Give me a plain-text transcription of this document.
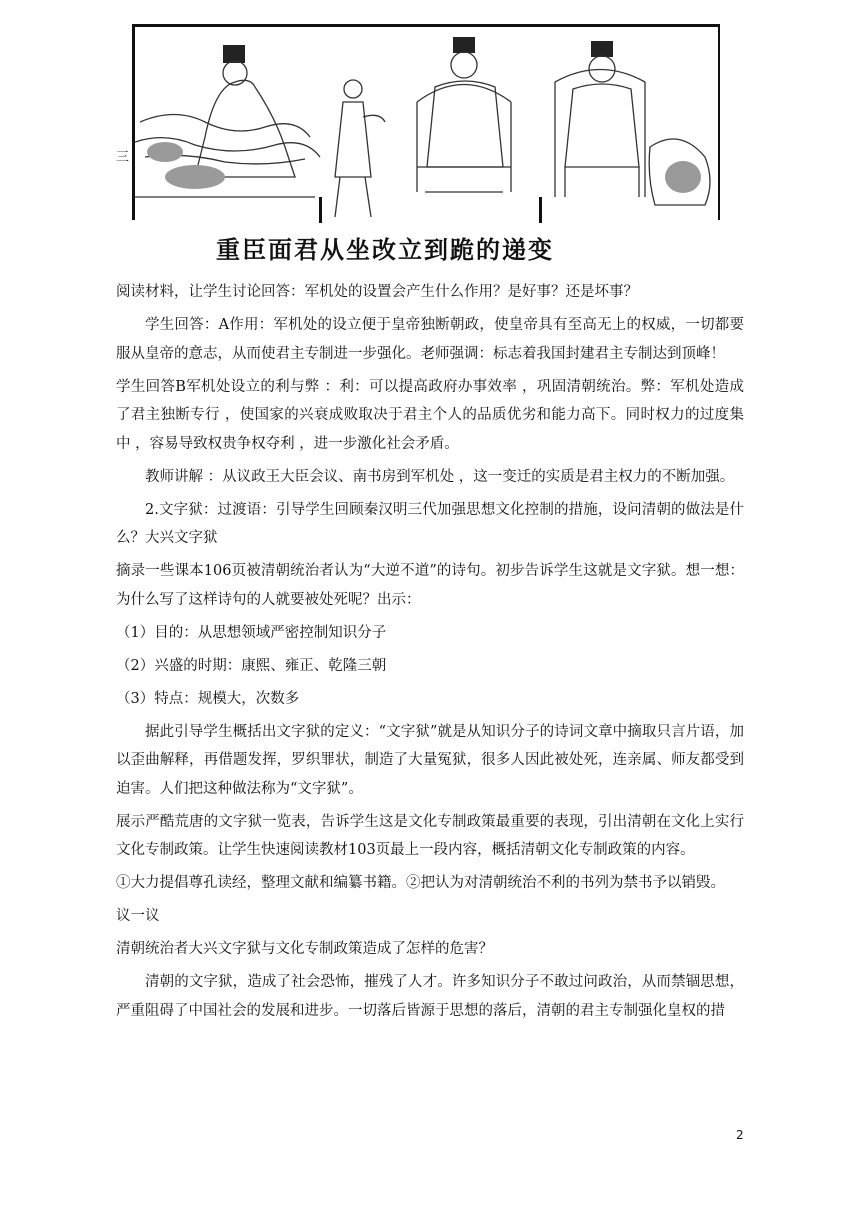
三
重臣面君从坐改立到跪的递变

阅读材料，让学生讨论回答：军机处的设置会产生什么作用？是好事？还是坏事？

学生回答：A作用：军机处的设立便于皇帝独断朝政，使皇帝具有至高无上的权威，一切都要服从皇帝的意志，从而使君主专制进一步强化。老师强调：标志着我国封建君主专制达到顶峰！

学生回答B军机处设立的利与弊 ：利：可以提高政府办事效率 ，巩固清朝统治。弊：军机处造成了君主独断专行 ，使国家的兴衰成败取决于君主个人的品质优劣和能力高下。同时权力的过度集中 ，容易导致权贵争权夺利 ，进一步激化社会矛盾。

教师讲解 ：从议政王大臣会议、南书房到军机处 ，这一变迁的实质是君主权力的不断加强。

2.文字狱：过渡语：引导学生回顾秦汉明三代加强思想文化控制的措施，设问清朝的做法是什么？大兴文字狱

摘录一些课本106页被清朝统治者认为“大逆不道”的诗句。初步告诉学生这就是文字狱。想一想：为什么写了这样诗句的人就要被处死呢？出示：

（1）目的：从思想领域严密控制知识分子

（2）兴盛的时期：康熙、雍正、乾隆三朝

（3）特点：规模大，次数多

据此引导学生概括出文字狱的定义：“文字狱”就是从知识分子的诗词文章中摘取只言片语，加以歪曲解释，再借题发挥，罗织罪状，制造了大量冤狱，很多人因此被处死，连亲属、师友都受到迫害。人们把这种做法称为“文字狱”。

展示严酷荒唐的文字狱一览表，告诉学生这是文化专制政策最重要的表现，引出清朝在文化上实行文化专制政策。让学生快速阅读教材103页最上一段内容，概括清朝文化专制政策的内容。

①大力提倡尊孔读经，整理文献和编纂书籍。②把认为对清朝统治不利的书列为禁书予以销毁。

议一议

清朝统治者大兴文字狱与文化专制政策造成了怎样的危害？

清朝的文字狱，造成了社会恐怖，摧残了人才。许多知识分子不敢过问政治，从而禁锢思想，严重阻碍了中国社会的发展和进步。一切落后皆源于思想的落后，清朝的君主专制强化皇权的措

2
